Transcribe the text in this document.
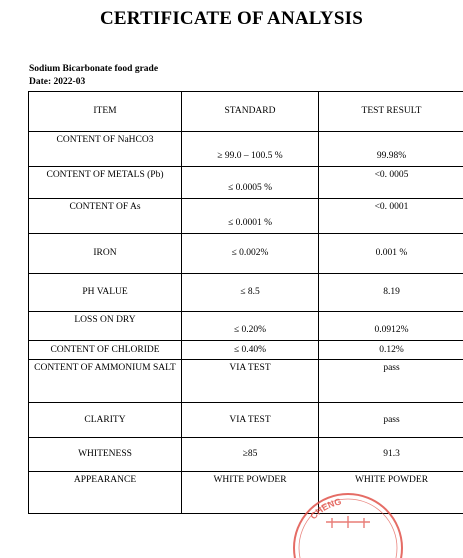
CERTIFICATE OF ANALYSIS
Sodium Bicarbonate food grade
Date: 2022-03
ITEM	STANDARD	TEST RESULT
CONTENT OF NaHCO3	≥ 99.0 – 100.5 %	99.98%
CONTENT OF METALS (Pb)	≤ 0.0005 %	<0. 0005
CONTENT OF As	≤ 0.0001 %	<0. 0001
IRON	≤ 0.002%	0.001 %
PH VALUE	≤ 8.5	8.19
LOSS ON DRY	≤ 0.20%	0.0912%
CONTENT OF CHLORIDE	≤ 0.40%	0.12%
CONTENT OF AMMONIUM SALT	VIA TEST	pass
CLARITY	VIA TEST	pass
WHITENESS	≥85	91.3
APPEARANCE	WHITE POWDER	WHITE POWDER
CHENG
